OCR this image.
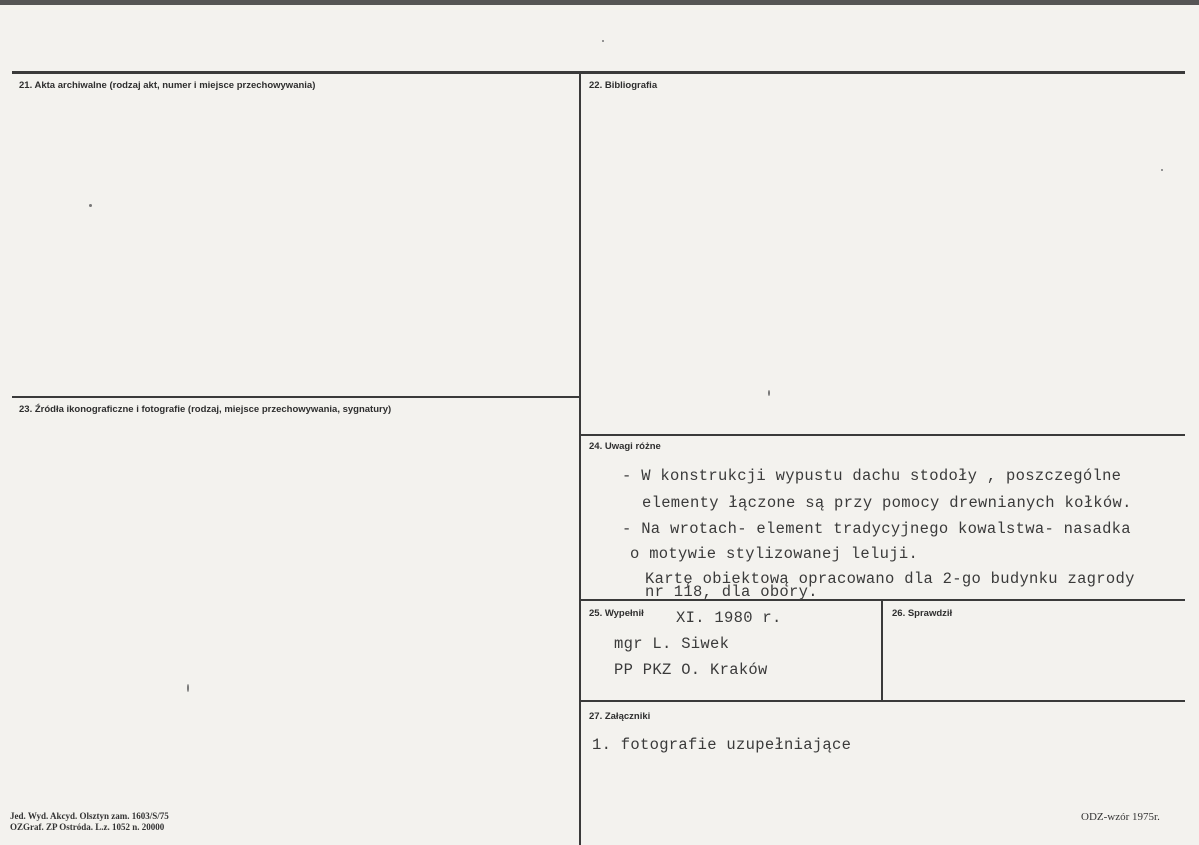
21. Akta archiwalne (rodzaj akt, numer i miejsce przechowywania)	22. Bibliografia
23. Źródła ikonograficzne i fotografie (rodzaj, miejsce przechowywania, sygnatury)
24. Uwagi różne
25. Wypełnił	26. Sprawdził
27. Załączniki
- W konstrukcji wypustu dachu stodoły , poszczególne
elementy łączone są przy pomocy drewnianych kołków.
- Na wrotach- element tradycyjnego kowalstwa- nasadka
o motywie stylizowanej leluji.
Kartę obiektową opracowano dla 2-go budynku zagrody
nr 118, dla obory.
XI. 1980 r.
mgr L. Siwek
PP PKZ O. Kraków
1. fotografie uzupełniające
Jed. Wyd. Akcyd. Olsztyn zam. 1603/S/75
OZGraf. ZP Ostróda. L.z. 1052 n. 20000
ODZ-wzór 1975r.
